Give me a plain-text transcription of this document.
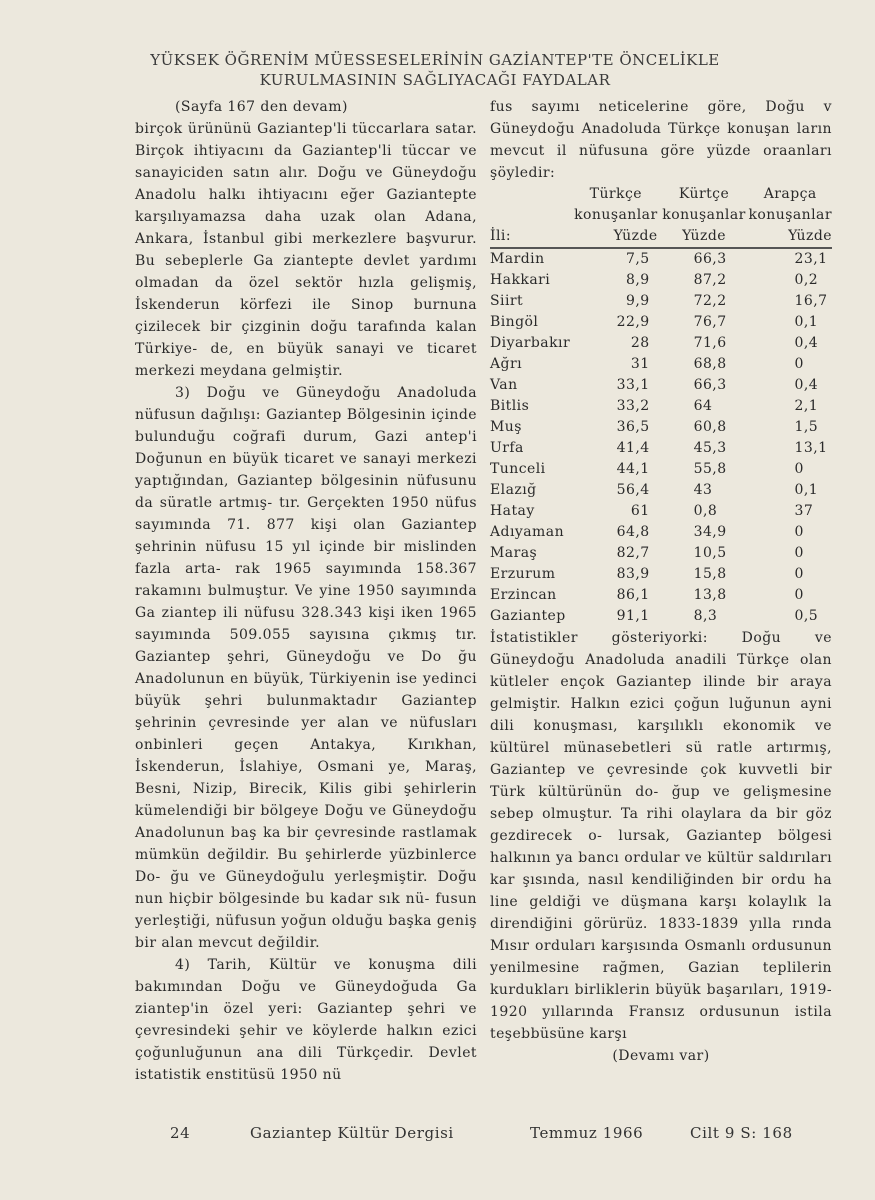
YÜKSEK ÖĞRENİM MÜESSESELERİNİN GAZİANTEP'TE ÖNCELİKLE
KURULMASININ SAĞLIYACAĞI FAYDALAR

(Sayfa 167 den devam)

birçok ürününü Gaziantep'li tüccarlara satar. Birçok ihtiyacını da Gaziantep'li tüccar ve sanayiciden satın alır. Doğu ve Güneydoğu Anadolu halkı ihtiyacını eğer Gaziantepte karşılıyamazsa daha uzak olan Adana, Ankara, İstanbul gibi merkezlere başvurur. Bu sebeplerle Ga ziantepte devlet yardımı olmadan da özel sektör hızla gelişmiş, İskenderun körfezi ile Sinop burnuna çizilecek bir çizginin doğu tarafında kalan Türkiye- de, en büyük sanayi ve ticaret merkezi meydana gelmiştir.

3) Doğu ve Güneydoğu Anadoluda nüfusun dağılışı: Gaziantep Bölgesinin içinde bulunduğu coğrafi durum, Gazi antep'i Doğunun en büyük ticaret ve sanayi merkezi yaptığından, Gaziantep bölgesinin nüfusunu da süratle artmış- tır. Gerçekten 1950 nüfus sayımında 71. 877 kişi olan Gaziantep şehrinin nüfusu 15 yıl içinde bir mislinden fazla arta- rak 1965 sayımında 158.367 rakamını bulmuştur. Ve yine 1950 sayımında Ga ziantep ili nüfusu 328.343 kişi iken 1965 sayımında 509.055 sayısına çıkmış tır. Gaziantep şehri, Güneydoğu ve Do ğu Anadolunun en büyük, Türkiyenin ise yedinci büyük şehri bulunmaktadır Gaziantep şehrinin çevresinde yer alan ve nüfusları onbinleri geçen Antakya, Kırıkhan, İskenderun, İslahiye, Osmani ye, Maraş, Besni, Nizip, Birecik, Kilis gibi şehirlerin kümelendiği bir bölgeye Doğu ve Güneydoğu Anadolunun baş ka bir çevresinde rastlamak mümkün değildir. Bu şehirlerde yüzbinlerce Do- ğu ve Güneydoğulu yerleşmiştir. Doğu nun hiçbir bölgesinde bu kadar sık nü- fusun yerleştiği, nüfusun yoğun olduğu başka geniş bir alan mevcut değildir.

4) Tarih, Kültür ve konuşma dili bakımından Doğu ve Güneydoğuda Ga ziantep'in özel yeri: Gaziantep şehri ve çevresindeki şehir ve köylerde halkın ezici çoğunluğunun ana dili Türkçedir. Devlet istatistik enstitüsü 1950 nü

fus sayımı neticelerine göre, Doğu v Güneydoğu Anadoluda Türkçe konuşan ların mevcut il nüfusuna göre yüzde oraanları şöyledir:

	Türkçe	Kürtçe	Arapça
	konuşanlar	konuşanlar	konuşanlar
İli:	Yüzde	Yüzde	Yüzde
Mardin	7,5	66,3	23,1
Hakkari	8,9	87,2	0,2
Siirt	9,9	72,2	16,7
Bingöl	22,9	76,7	0,1
Diyarbakır	28	71,6	0,4
Ağrı	31	68,8	0
Van	33,1	66,3	0,4
Bitlis	33,2	64	2,1
Muş	36,5	60,8	1,5
Urfa	41,4	45,3	13,1
Tunceli	44,1	55,8	0
Elazığ	56,4	43	0,1
Hatay	61	0,8	37
Adıyaman	64,8	34,9	0
Maraş	82,7	10,5	0
Erzurum	83,9	15,8	0
Erzincan	86,1	13,8	0
Gaziantep	91,1	8,3	0,5

İstatistikler gösteriyorki: Doğu ve Güneydoğu Anadoluda anadili Türkçe olan kütleler ençok Gaziantep ilinde bir araya gelmiştir. Halkın ezici çoğun luğunun ayni dili konuşması, karşılıklı ekonomik ve kültürel münasebetleri sü ratle artırmış, Gaziantep ve çevresinde çok kuvvetli bir Türk kültürünün do- ğup ve gelişmesine sebep olmuştur. Ta rihi olaylara da bir göz gezdirecek o- lursak, Gaziantep bölgesi halkının ya bancı ordular ve kültür saldırıları kar şısında, nasıl kendiliğinden bir ordu ha line geldiği ve düşmana karşı kolaylık la direndiğini görürüz. 1833-1839 yılla rında Mısır orduları karşısında Osmanlı ordusunun yenilmesine rağmen, Gazian teplilerin kurdukları birliklerin büyük başarıları, 1919-1920 yıllarında Fransız ordusunun istila teşebbüsüne karşı

(Devamı var)

24	Gaziantep Kültür Dergisi	Temmuz 1966	Cilt 9 S: 168
